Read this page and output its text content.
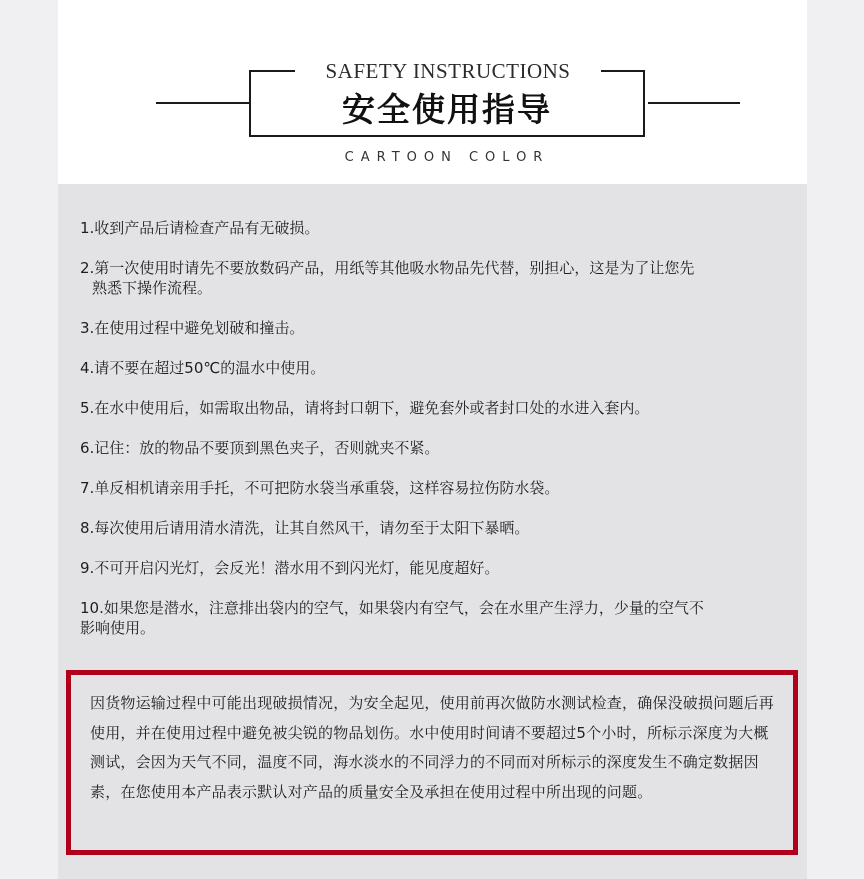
SAFETY INSTRUCTIONS
安全使用指导
CARTOON COLOR
1.收到产品后请检查产品有无破损。
2.第一次使用时请先不要放数码产品，用纸等其他吸水物品先代替，别担心，这是为了让您先
熟悉下操作流程。
3.在使用过程中避免划破和撞击。
4.请不要在超过50℃的温水中使用。
5.在水中使用后，如需取出物品，请将封口朝下，避免套外或者封口处的水进入套内。
6.记住：放的物品不要顶到黑色夹子，否则就夹不紧。
7.单反相机请亲用手托，不可把防水袋当承重袋，这样容易拉伤防水袋。
8.每次使用后请用清水清洗，让其自然风干，请勿至于太阳下暴晒。
9.不可开启闪光灯，会反光！潜水用不到闪光灯，能见度超好。
10.如果您是潜水，注意排出袋内的空气，如果袋内有空气，会在水里产生浮力，少量的空气不
影响使用。

因货物运输过程中可能出现破损情况，为安全起见，使用前再次做防水测试检查，确保没破损问题后再使用，并在使用过程中避免被尖锐的物品划伤。水中使用时间请不要超过5个小时，所标示深度为大概测试，会因为天气不同，温度不同，海水淡水的不同浮力的不同而对所标示的深度发生不确定数据因素，在您使用本产品表示默认对产品的质量安全及承担在使用过程中所出现的问题。
